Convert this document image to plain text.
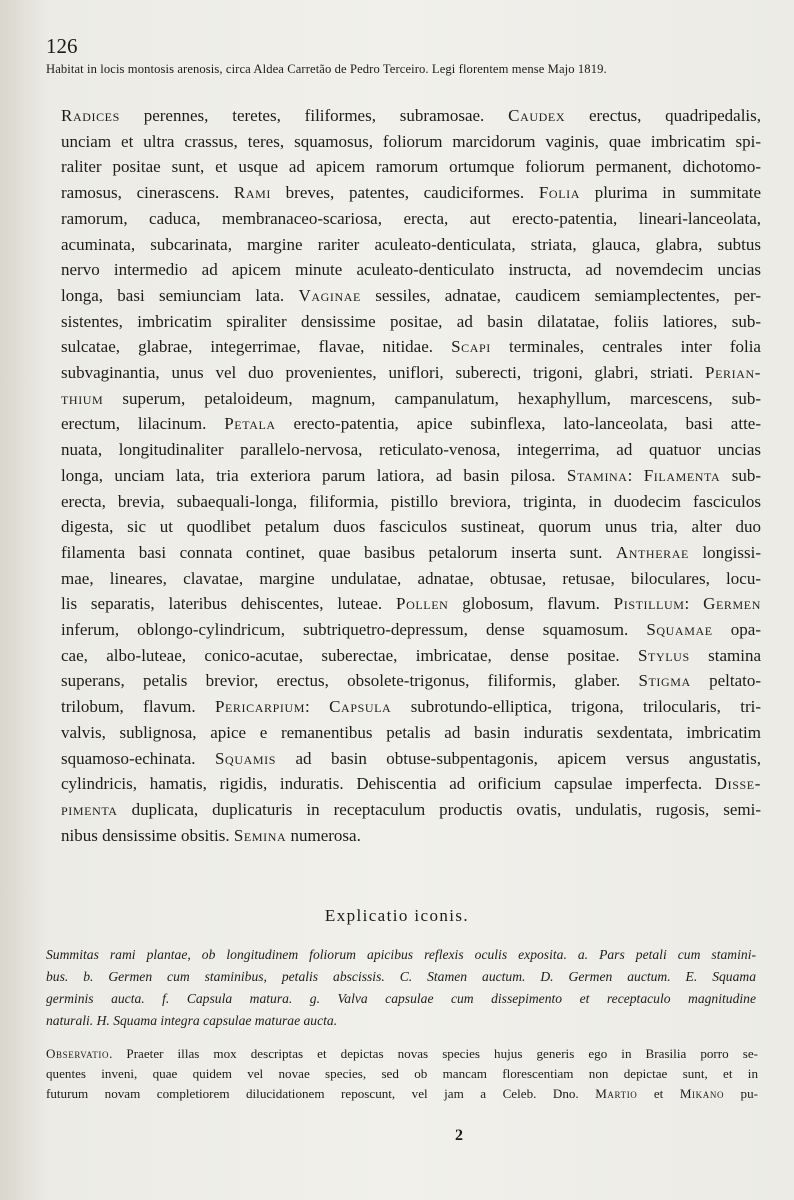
126
Habitat in locis montosis arenosis, circa Aldea Carretão de Pedro Terceiro. Legi florentem mense Majo 1819.
Radices perennes, teretes, filiformes, subramosae. Caudex erectus, quadripedalis,
unciam et ultra crassus, teres, squamosus, foliorum marcidorum vaginis, quae imbricatim spi-
raliter positae sunt, et usque ad apicem ramorum ortumque foliorum permanent, dichotomo-
ramosus, cinerascens. Rami breves, patentes, caudiciformes. Folia plurima in summitate
ramorum, caduca, membranaceo-scariosa, erecta, aut erecto-patentia, lineari-lanceolata,
acuminata, subcarinata, margine rariter aculeato-denticulata, striata, glauca, glabra, subtus
nervo intermedio ad apicem minute aculeato-denticulato instructa, ad novemdecim uncias
longa, basi semiunciam lata. Vaginae sessiles, adnatae, caudicem semiamplectentes, per-
sistentes, imbricatim spiraliter densissime positae, ad basin dilatatae, foliis latiores, sub-
sulcatae, glabrae, integerrimae, flavae, nitidae. Scapi terminales, centrales inter folia
subvaginantia, unus vel duo provenientes, uniflori, suberecti, trigoni, glabri, striati. Perian-
thium superum, petaloideum, magnum, campanulatum, hexaphyllum, marcescens, sub-
erectum, lilacinum. Petala erecto-patentia, apice subinflexa, lato-lanceolata, basi atte-
nuata, longitudinaliter parallelo-nervosa, reticulato-venosa, integerrima, ad quatuor uncias
longa, unciam lata, tria exteriora parum latiora, ad basin pilosa. Stamina: Filamenta sub-
erecta, brevia, subaequali-longa, filiformia, pistillo breviora, triginta, in duodecim fasciculos
digesta, sic ut quodlibet petalum duos fasciculos sustineat, quorum unus tria, alter duo
filamenta basi connata continet, quae basibus petalorum inserta sunt. Antherae longissi-
mae, lineares, clavatae, margine undulatae, adnatae, obtusae, retusae, biloculares, locu-
lis separatis, lateribus dehiscentes, luteae. Pollen globosum, flavum. Pistillum: Germen
inferum, oblongo-cylindricum, subtriquetro-depressum, dense squamosum. Squamae opa-
cae, albo-luteae, conico-acutae, suberectae, imbricatae, dense positae. Stylus stamina
superans, petalis brevior, erectus, obsolete-trigonus, filiformis, glaber. Stigma peltato-
trilobum, flavum. Pericarpium: Capsula subrotundo-elliptica, trigona, trilocularis, tri-
valvis, sublignosa, apice e remanentibus petalis ad basin induratis sexdentata, imbricatim
squamoso-echinata. Squamis ad basin obtuse-subpentagonis, apicem versus angustatis,
cylindricis, hamatis, rigidis, induratis. Dehiscentia ad orificium capsulae imperfecta. Disse-
pimenta duplicata, duplicaturis in receptaculum productis ovatis, undulatis, rugosis, semi-
nibus densissime obsitis. Semina numerosa.
Explicatio iconis.
Summitas rami plantae, ob longitudinem foliorum apicibus reflexis oculis exposita. a. Pars petali cum stamini-
bus. b. Germen cum staminibus, petalis abscissis. C. Stamen auctum. D. Germen auctum. E. Squama
germinis aucta. f. Capsula matura. g. Valva capsulae cum dissepimento et receptaculo magnitudine
naturali. H. Squama integra capsulae maturae aucta.
Observatio. Praeter illas mox descriptas et depictas novas species hujus generis ego in Brasilia porro se-
quentes inveni, quae quidem vel novae species, sed ob mancam florescentiam non depictae sunt, et in
futurum novam completiorem dilucidationem reposcunt, vel jam a Celeb. Dno. Martio et Mikano pu-
2
